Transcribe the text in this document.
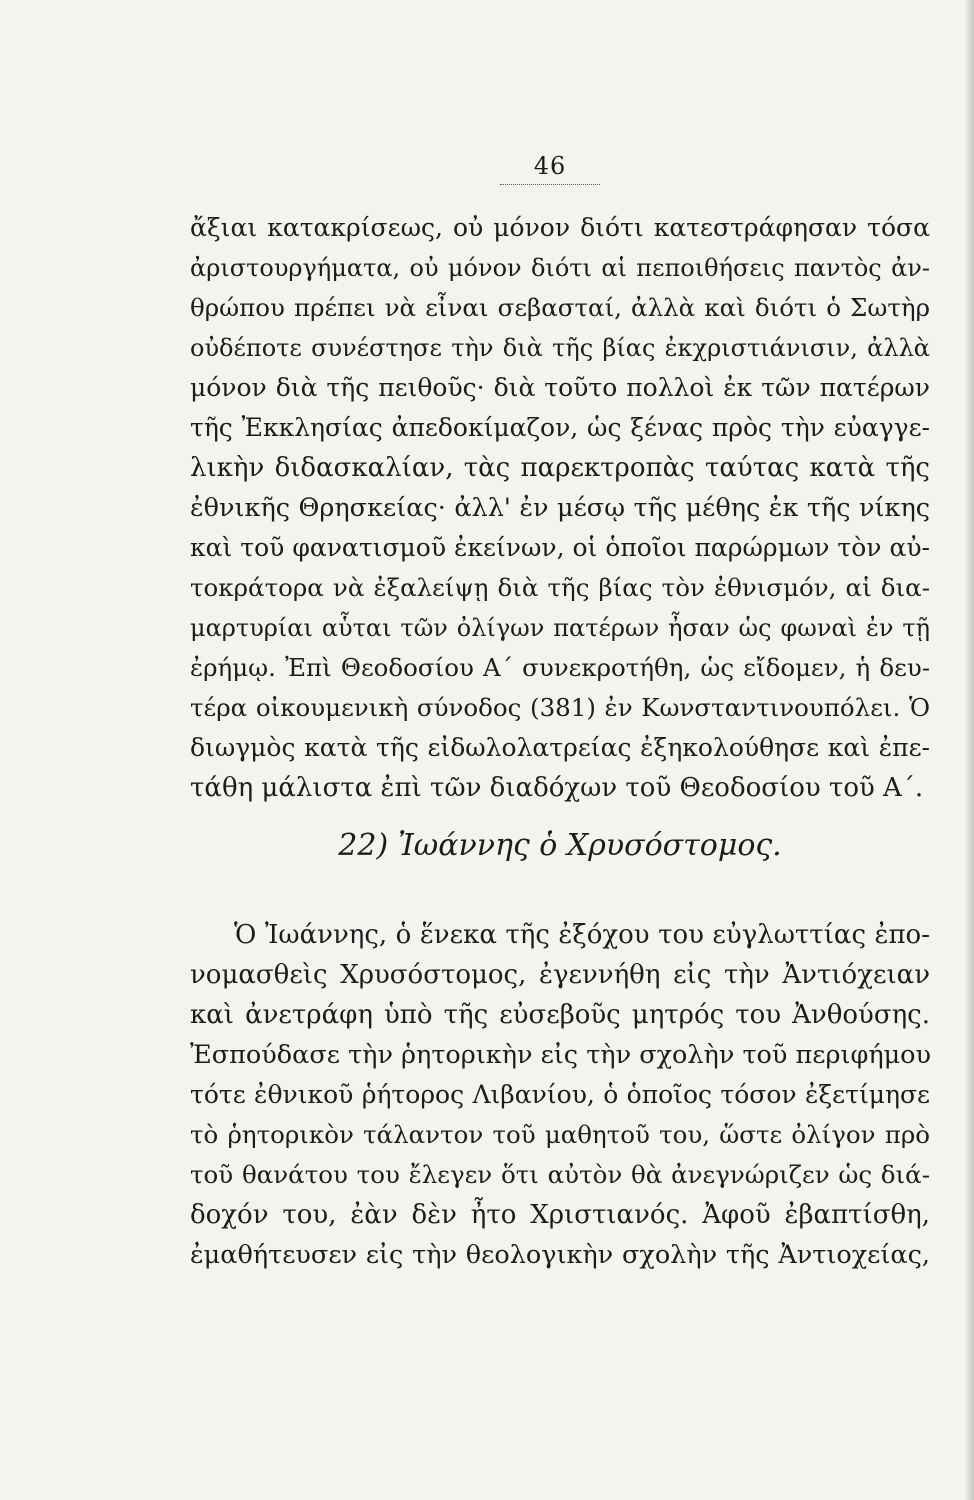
46
ἄξιαι κατακρίσεως, οὐ μόνον διότι κατεστράφησαν τόσα
ἀριστουργήματα, οὐ μόνον διότι αἱ πεποιθήσεις παντὸς ἀν-
θρώπου πρέπει νὰ εἶναι σεβασταί, ἀλλὰ καὶ διότι ὁ Σωτὴρ
οὐδέποτε συνέστησε τὴν διὰ τῆς βίας ἐκχριστιάνισιν, ἀλλὰ
μόνον διὰ τῆς πειθοῦς· διὰ τοῦτο πολλοὶ ἐκ τῶν πατέρων
τῆς Ἐκκλησίας ἀπεδοκίμαζον, ὡς ξένας πρὸς τὴν εὐαγγε-
λικὴν διδασκαλίαν, τὰς παρεκτροπὰς ταύτας κατὰ τῆς
ἐθνικῆς Θρησκείας· ἀλλ' ἐν μέσῳ τῆς μέθης ἐκ τῆς νίκης
καὶ τοῦ φανατισμοῦ ἐκείνων, οἱ ὁποῖοι παρώρμων τὸν αὐ-
τοκράτορα νὰ ἐξαλείψῃ διὰ τῆς βίας τὸν ἐθνισμόν, αἱ δια-
μαρτυρίαι αὗται τῶν ὀλίγων πατέρων ἦσαν ὡς φωναὶ ἐν τῇ
ἐρήμῳ. Ἐπὶ Θεοδοσίου Α΄ συνεκροτήθη, ὡς εἴδομεν, ἡ δευ-
τέρα οἰκουμενικὴ σύνοδος (381) ἐν Κωνσταντινουπόλει. Ὁ
διωγμὸς κατὰ τῆς εἰδωλολατρείας ἐξηκολούθησε καὶ ἐπε-
τάθη μάλιστα ἐπὶ τῶν διαδόχων τοῦ Θεοδοσίου τοῦ Α΄.
22) Ἰωάννης ὁ Χρυσόστομος.
Ὁ Ἰωάννης, ὁ ἕνεκα τῆς ἐξόχου του εὐγλωττίας ἐπο-
νομασθεὶς Χρυσόστομος, ἐγεννήθη εἰς τὴν Ἀντιόχειαν
καὶ ἀνετράφη ὑπὸ τῆς εὐσεβοῦς μητρός του Ἀνθούσης.
Ἐσπούδασε τὴν ῥητορικὴν εἰς τὴν σχολὴν τοῦ περιφήμου
τότε ἐθνικοῦ ῥήτορος Λιβανίου, ὁ ὁποῖος τόσον ἐξετίμησε
τὸ ῥητορικὸν τάλαντον τοῦ μαθητοῦ του, ὥστε ὀλίγον πρὸ
τοῦ θανάτου του ἔλεγεν ὅτι αὐτὸν θὰ ἀνεγνώριζεν ὡς διά-
δοχόν του, ἐὰν δὲν ἦτο Χριστιανός. Ἀφοῦ ἐβαπτίσθη,
ἐμαθήτευσεν εἰς τὴν θεολογικὴν σχολὴν τῆς Ἀντιοχείας,
